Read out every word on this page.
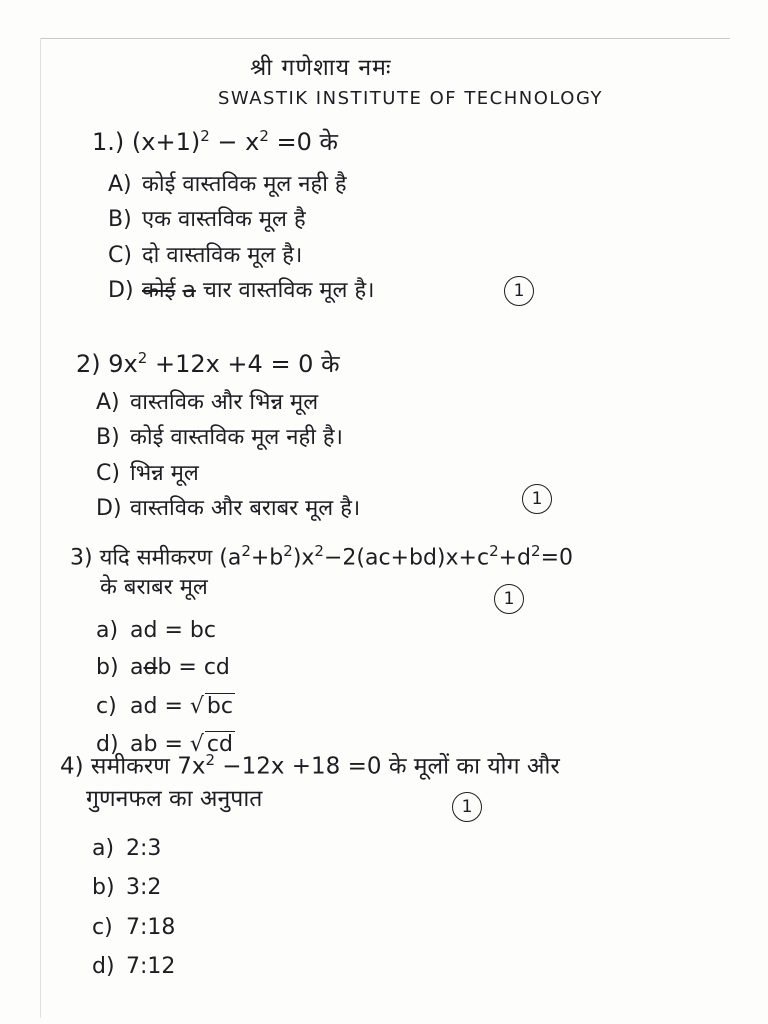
श्री गणेशाय नमः
SWASTIK INSTITUTE OF TECHNOLOGY
1.) $(x+1)^2 - x^2 =0$ के
A) कोई वास्तविक मूल नही है
B) एक वास्तविक मूल है
C) दो वास्तविक मूल है।
D) कोई a चार वास्तविक मूल है।	1
2) $9x^2 +12x +4 = 0$ के
A) वास्तविक और भिन्न मूल
B) कोई वास्तविक मूल नही है।
C) भिन्न मूल
D) वास्तविक और बराबर मूल है।	1
3) यदि समीकरण $(a^2+b^2)x^2-2(ac+bd)x+c^2+d^2=0$
के बराबर मूल	1
a) ad = bc
b) adb = cd
c) ad = √ bc
d) ab = √ cd
4) समीकरण $7x^2 -12x +18 =0$ के मूलों का योग और
गुणनफल का अनुपात	1
a) 2:3
b) 3:2
c) 7:18
d) 7:12
